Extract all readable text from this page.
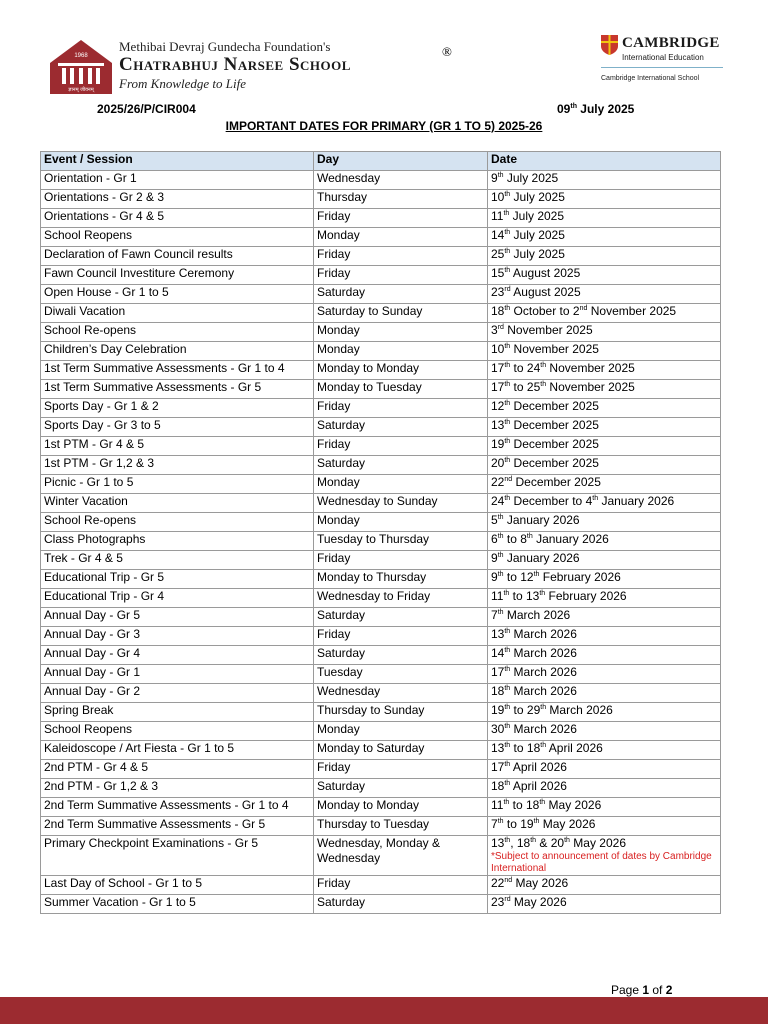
1968
ज्ञानम् जीवनम्
Methibai Devraj Gundecha Foundation's
Chatrabhuj Narsee School
From Knowledge to Life
®
CAMBRIDGE
International Education
Cambridge International School
2025/26/P/CIR004	09th July 2025
IMPORTANT DATES FOR PRIMARY (GR 1 TO 5) 2025-26
Event / Session	Day	Date
Orientation - Gr 1	Wednesday	9th July 2025
Orientations - Gr 2 & 3	Thursday	10th July 2025
Orientations - Gr 4 & 5	Friday	11th July 2025
School Reopens	Monday	14th July 2025
Declaration of Fawn Council results	Friday	25th July 2025
Fawn Council Investiture Ceremony	Friday	15th August 2025
Open House - Gr 1 to 5	Saturday	23rd August 2025
Diwali Vacation	Saturday to Sunday	18th October to 2nd November 2025
School Re-opens	Monday	3rd November 2025
Children’s Day Celebration	Monday	10th November 2025
1st Term Summative Assessments - Gr 1 to 4	Monday to Monday	17th to 24th November 2025
1st Term Summative Assessments - Gr 5	Monday to Tuesday	17th to 25th November 2025
Sports Day - Gr 1 & 2	Friday	12th December 2025
Sports Day - Gr 3 to 5	Saturday	13th December 2025
1st PTM - Gr 4 & 5	Friday	19th December 2025
1st PTM - Gr 1,2 & 3	Saturday	20th December 2025
Picnic - Gr 1 to 5	Monday	22nd December 2025
Winter Vacation	Wednesday to Sunday	24th December to 4th January 2026
School Re-opens	Monday	5th January 2026
Class Photographs	Tuesday to Thursday	6th to 8th January 2026
Trek - Gr 4 & 5	Friday	9th January 2026
Educational Trip - Gr 5	Monday to Thursday	9th to 12th February 2026
Educational Trip - Gr 4	Wednesday to Friday	11th to 13th February 2026
Annual Day - Gr 5	Saturday	7th March 2026
Annual Day - Gr 3	Friday	13th March 2026
Annual Day - Gr 4	Saturday	14th March 2026
Annual Day - Gr 1	Tuesday	17th March 2026
Annual Day - Gr 2	Wednesday	18th March 2026
Spring Break	Thursday to Sunday	19th to 29th March 2026
School Reopens	Monday	30th March 2026
Kaleidoscope / Art Fiesta - Gr 1 to 5	Monday to Saturday	13th to 18th April 2026
2nd PTM - Gr 4 & 5	Friday	17th April 2026
2nd PTM - Gr 1,2 & 3	Saturday	18th April 2026
2nd Term Summative Assessments - Gr 1 to 4	Monday to Monday	11th to 18th May 2026
2nd Term Summative Assessments - Gr 5	Thursday to Tuesday	7th to 19th May 2026
Primary Checkpoint Examinations - Gr 5	Wednesday, Monday & Wednesday	13th, 18th & 20th May 2026
*Subject to announcement of dates by Cambridge International

Last Day of School - Gr 1 to 5	Friday	22nd May 2026
Summer Vacation - Gr 1 to 5	Saturday	23rd May 2026
Page 1 of 2
